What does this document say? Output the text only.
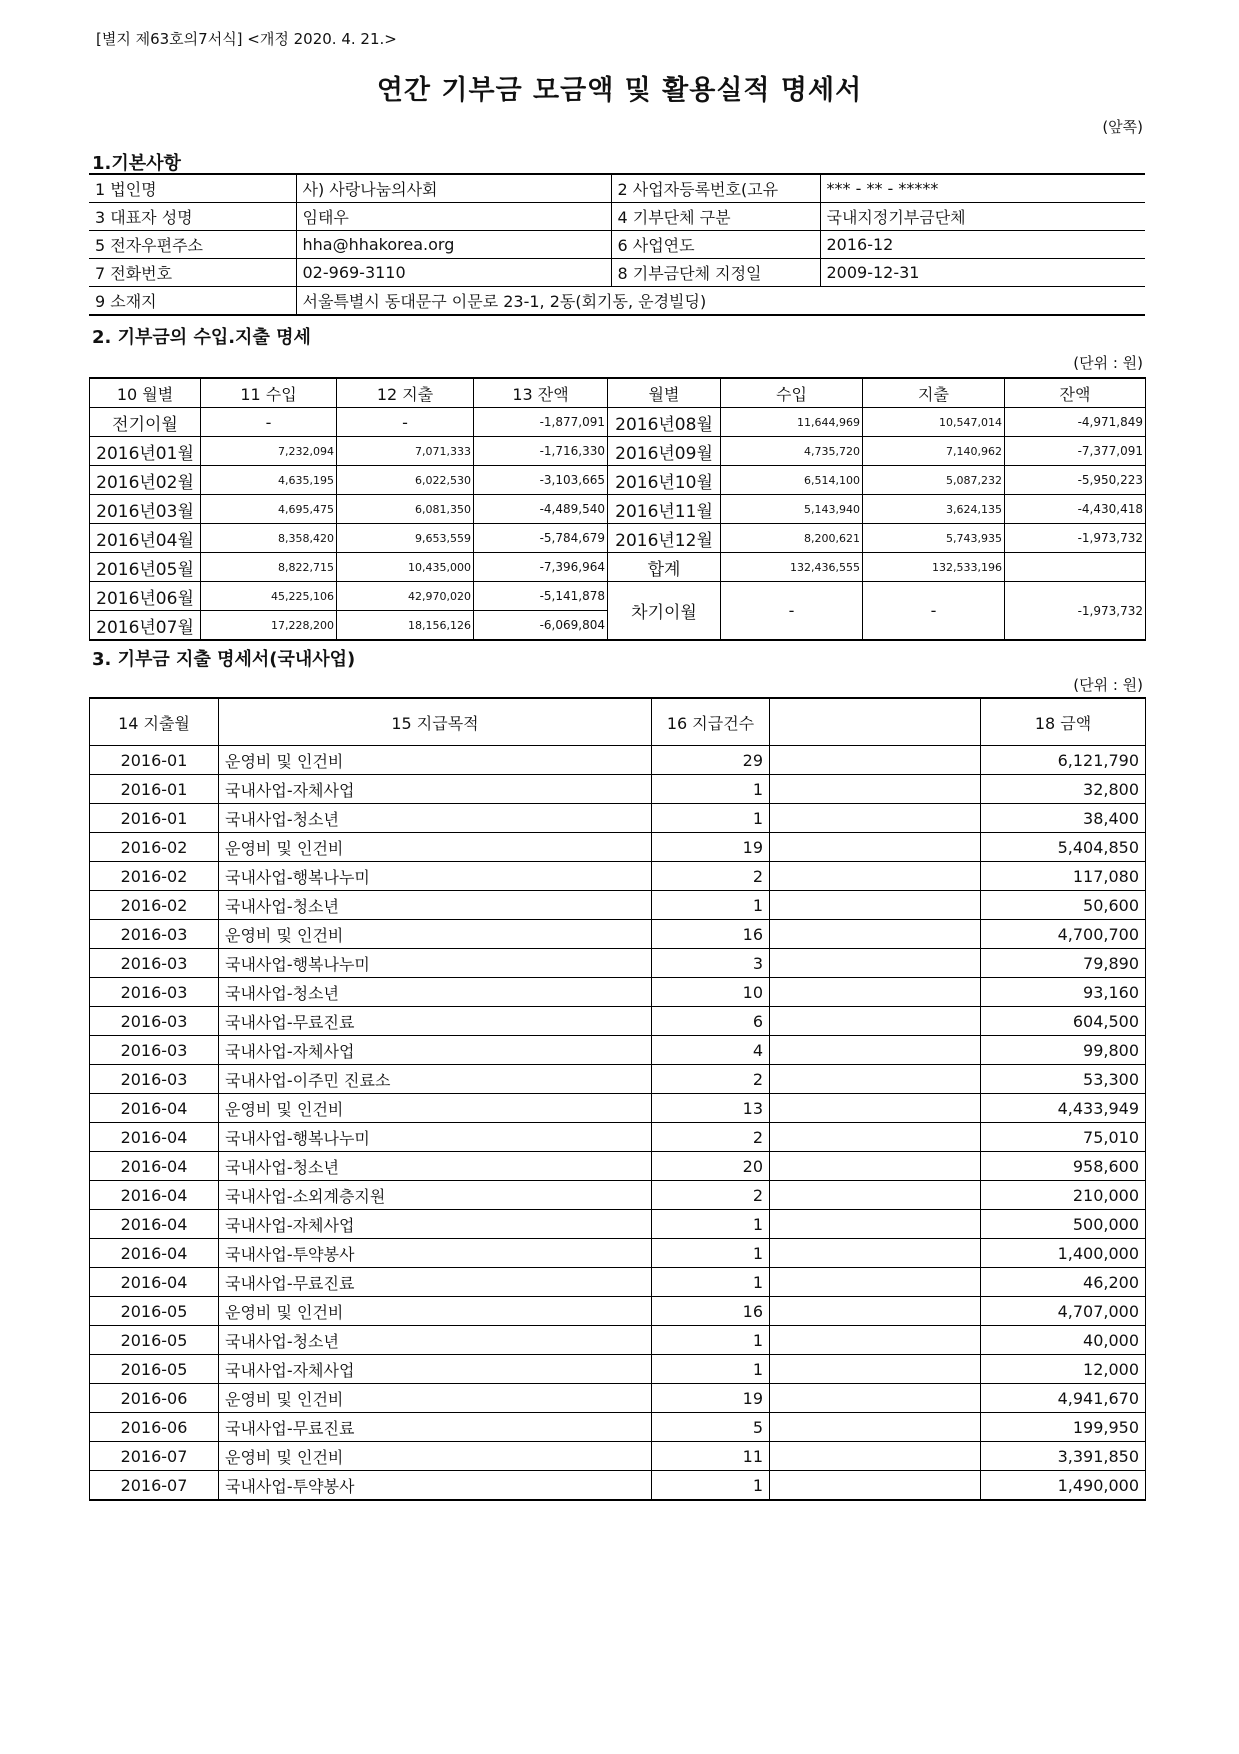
[별지 제63호의7서식] <개정 2020. 4. 21.>
연간 기부금 모금액 및 활용실적 명세서
(앞쪽)
1.기본사항
1 법인명	사) 사랑나눔의사회	2 사업자등록번호(고유	*** - ** - *****
3 대표자 성명	임태우	4 기부단체 구분	국내지정기부금단체
5 전자우편주소	hha@hhakorea.org	6 사업연도	2016-12
7 전화번호	02-969-3110	8 기부금단체 지정일	2009-12-31
9 소재지	서울특별시 동대문구 이문로 23-1, 2동(회기동, 운경빌딩)		
2. 기부금의 수입.지출 명세
(단위 : 원)
10 월별	11 수입	12 지출	13 잔액	월별	수입	지출	잔액
전기이월	-	-	-1,877,091	2016년08월	11,644,969	10,547,014	-4,971,849
2016년01월	7,232,094	7,071,333	-1,716,330	2016년09월	4,735,720	7,140,962	-7,377,091
2016년02월	4,635,195	6,022,530	-3,103,665	2016년10월	6,514,100	5,087,232	-5,950,223
2016년03월	4,695,475	6,081,350	-4,489,540	2016년11월	5,143,940	3,624,135	-4,430,418
2016년04월	8,358,420	9,653,559	-5,784,679	2016년12월	8,200,621	5,743,935	-1,973,732
2016년05월	8,822,715	10,435,000	-7,396,964	합계	132,436,555	132,533,196	
2016년06월	45,225,106	42,970,020	-5,141,878	차기이월	-	-	-1,973,732
2016년07월	17,228,200	18,156,126	-6,069,804				
3. 기부금 지출 명세서(국내사업)
(단위 : 원)
14 지출월	15 지급목적	16 지급건수		18 금액
2016-01	운영비 및 인건비	29		6,121,790
2016-01	국내사업-자체사업	1		32,800
2016-01	국내사업-청소년	1		38,400
2016-02	운영비 및 인건비	19		5,404,850
2016-02	국내사업-행복나누미	2		117,080
2016-02	국내사업-청소년	1		50,600
2016-03	운영비 및 인건비	16		4,700,700
2016-03	국내사업-행복나누미	3		79,890
2016-03	국내사업-청소년	10		93,160
2016-03	국내사업-무료진료	6		604,500
2016-03	국내사업-자체사업	4		99,800
2016-03	국내사업-이주민 진료소	2		53,300
2016-04	운영비 및 인건비	13		4,433,949
2016-04	국내사업-행복나누미	2		75,010
2016-04	국내사업-청소년	20		958,600
2016-04	국내사업-소외계층지원	2		210,000
2016-04	국내사업-자체사업	1		500,000
2016-04	국내사업-투약봉사	1		1,400,000
2016-04	국내사업-무료진료	1		46,200
2016-05	운영비 및 인건비	16		4,707,000
2016-05	국내사업-청소년	1		40,000
2016-05	국내사업-자체사업	1		12,000
2016-06	운영비 및 인건비	19		4,941,670
2016-06	국내사업-무료진료	5		199,950
2016-07	운영비 및 인건비	11		3,391,850
2016-07	국내사업-투약봉사	1		1,490,000
